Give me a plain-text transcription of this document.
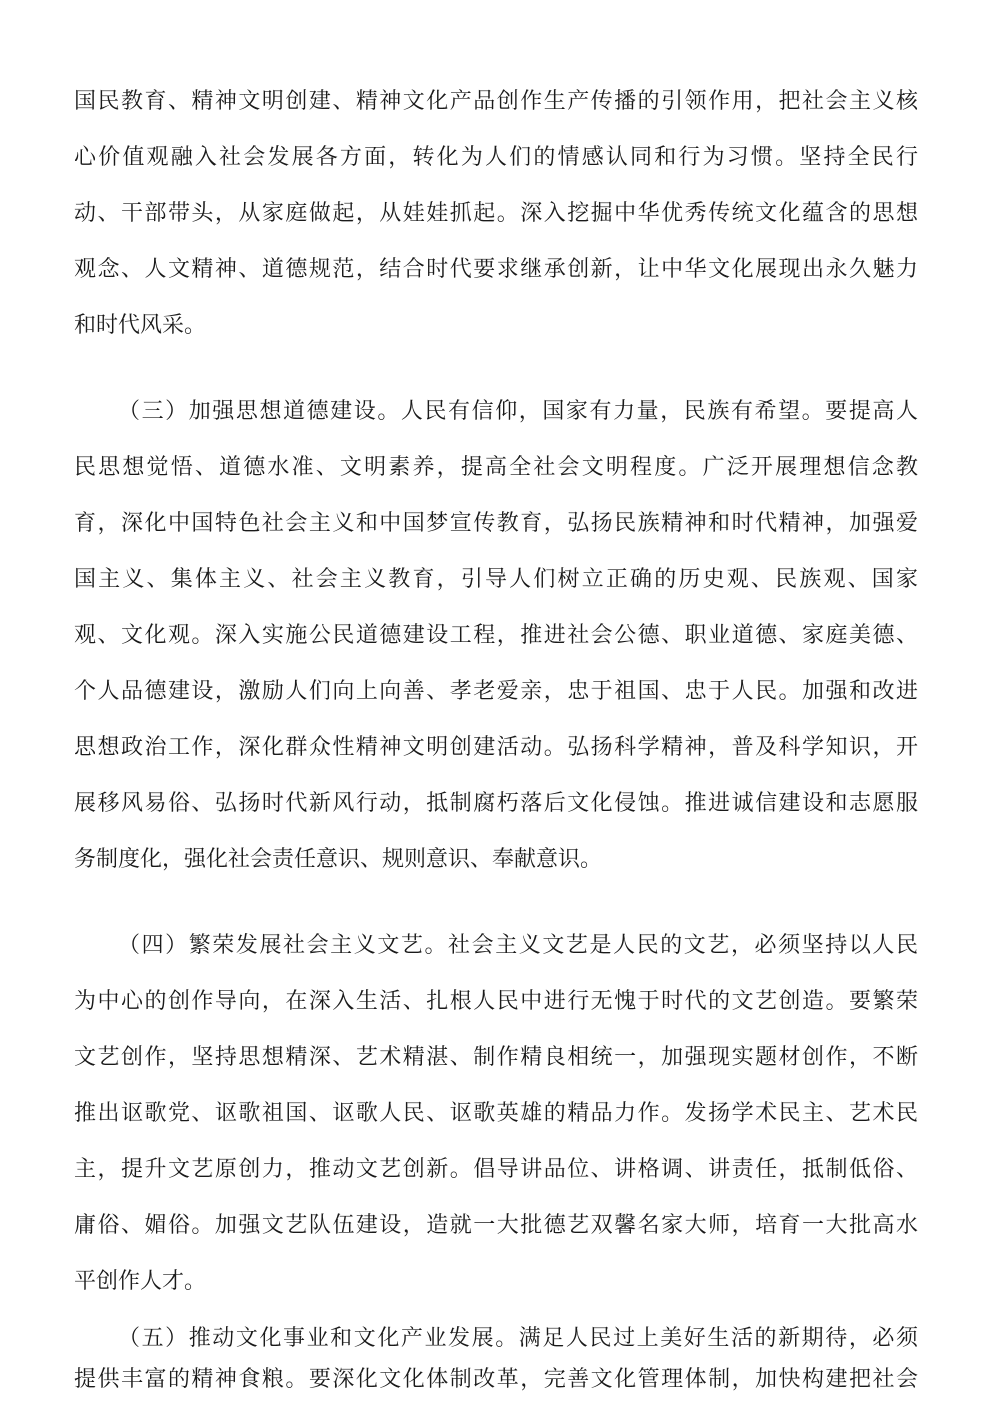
国民教育、精神文明创建、精神文化产品创作生产传播的引领作用，把社会主义核
心价值观融入社会发展各方面，转化为人们的情感认同和行为习惯。坚持全民行
动、干部带头，从家庭做起，从娃娃抓起。深入挖掘中华优秀传统文化蕴含的思想
观念、人文精神、道德规范，结合时代要求继承创新，让中华文化展现出永久魅力
和时代风采。
（三）加强思想道德建设。人民有信仰，国家有力量，民族有希望。要提高人
民思想觉悟、道德水准、文明素养，提高全社会文明程度。广泛开展理想信念教
育，深化中国特色社会主义和中国梦宣传教育，弘扬民族精神和时代精神，加强爱
国主义、集体主义、社会主义教育，引导人们树立正确的历史观、民族观、国家
观、文化观。深入实施公民道德建设工程，推进社会公德、职业道德、家庭美德、
个人品德建设，激励人们向上向善、孝老爱亲，忠于祖国、忠于人民。加强和改进
思想政治工作，深化群众性精神文明创建活动。弘扬科学精神，普及科学知识，开
展移风易俗、弘扬时代新风行动，抵制腐朽落后文化侵蚀。推进诚信建设和志愿服
务制度化，强化社会责任意识、规则意识、奉献意识。
（四）繁荣发展社会主义文艺。社会主义文艺是人民的文艺，必须坚持以人民
为中心的创作导向，在深入生活、扎根人民中进行无愧于时代的文艺创造。要繁荣
文艺创作，坚持思想精深、艺术精湛、制作精良相统一，加强现实题材创作，不断
推出讴歌党、讴歌祖国、讴歌人民、讴歌英雄的精品力作。发扬学术民主、艺术民
主，提升文艺原创力，推动文艺创新。倡导讲品位、讲格调、讲责任，抵制低俗、
庸俗、媚俗。加强文艺队伍建设，造就一大批德艺双馨名家大师，培育一大批高水
平创作人才。
（五）推动文化事业和文化产业发展。满足人民过上美好生活的新期待，必须
提供丰富的精神食粮。要深化文化体制改革，完善文化管理体制，加快构建把社会
